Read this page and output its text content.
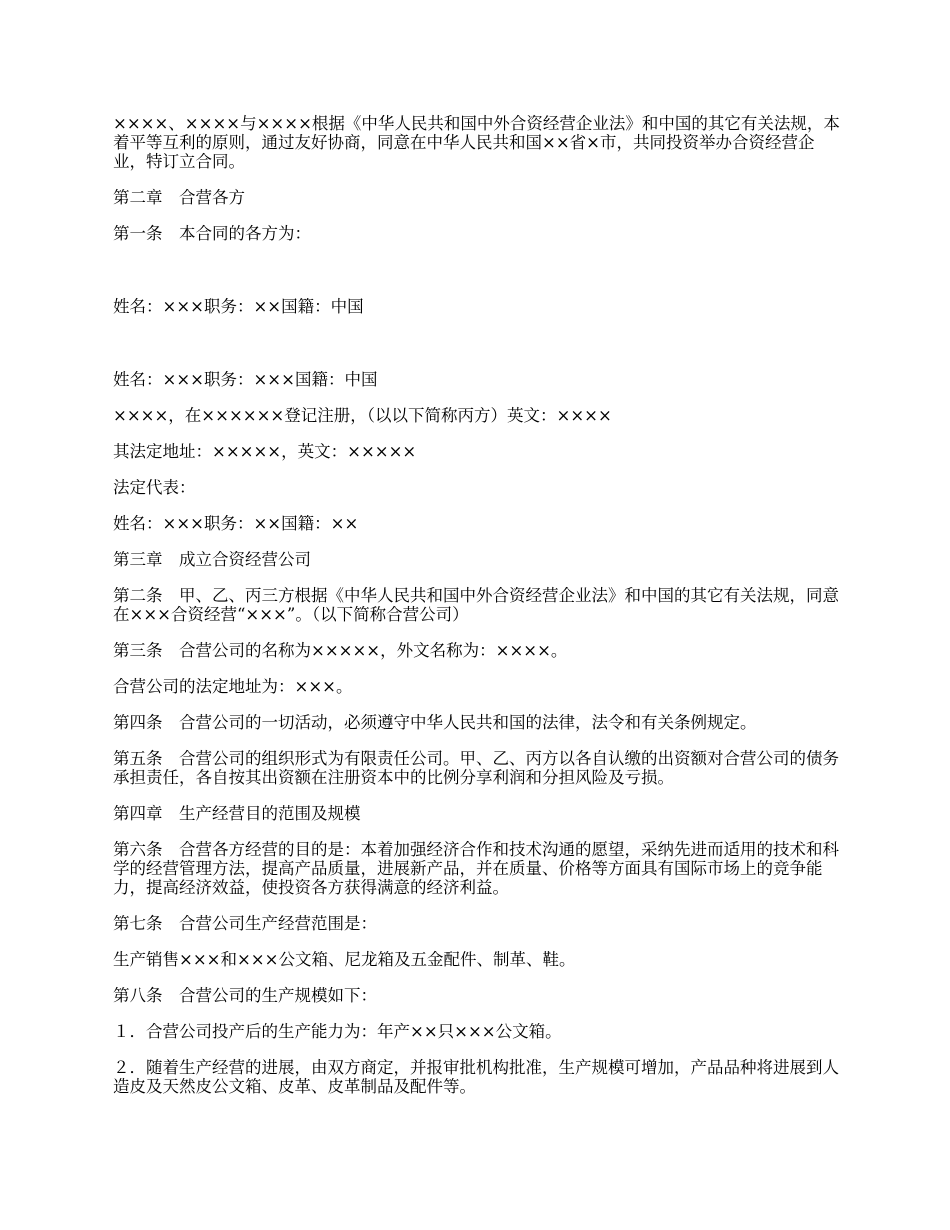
××××、××××与××××根据《中华人民共和国中外合资经营企业法》和中国的其它有关法规，本着平等互利的原则，通过友好协商，同意在中华人民共和国××省×市，共同投资举办合资经营企业，特订立合同。

第二章　合营各方

第一条　本合同的各方为：

姓名：×××职务：××国籍：中国

姓名：×××职务：×××国籍：中国

××××，在××××××登记注册，（以以下简称丙方）英文：××××

其法定地址：×××××，英文：×××××

法定代表：

姓名：×××职务：××国籍：××

第三章　成立合资经营公司

第二条　甲、乙、丙三方根据《中华人民共和国中外合资经营企业法》和中国的其它有关法规，同意在×××合资经营“×××”。（以下简称合营公司）

第三条　合营公司的名称为×××××，外文名称为：××××。

合营公司的法定地址为：×××。

第四条　合营公司的一切活动，必须遵守中华人民共和国的法律，法令和有关条例规定。

第五条　合营公司的组织形式为有限责任公司。甲、乙、丙方以各自认缴的出资额对合营公司的债务承担责任，各自按其出资额在注册资本中的比例分享利润和分担风险及亏损。

第四章　生产经营目的范围及规模

第六条　合营各方经营的目的是：本着加强经济合作和技术沟通的愿望，采纳先进而适用的技术和科学的经营管理方法，提高产品质量，进展新产品，并在质量、价格等方面具有国际市场上的竞争能力，提高经济效益，使投资各方获得满意的经济利益。

第七条　合营公司生产经营范围是：

生产销售×××和×××公文箱、尼龙箱及五金配件、制革、鞋。

第八条　合营公司的生产规模如下：

１．合营公司投产后的生产能力为：年产××只×××公文箱。

２．随着生产经营的进展，由双方商定，并报审批机构批准，生产规模可增加，产品品种将进展到人造皮及天然皮公文箱、皮革、皮革制品及配件等。
